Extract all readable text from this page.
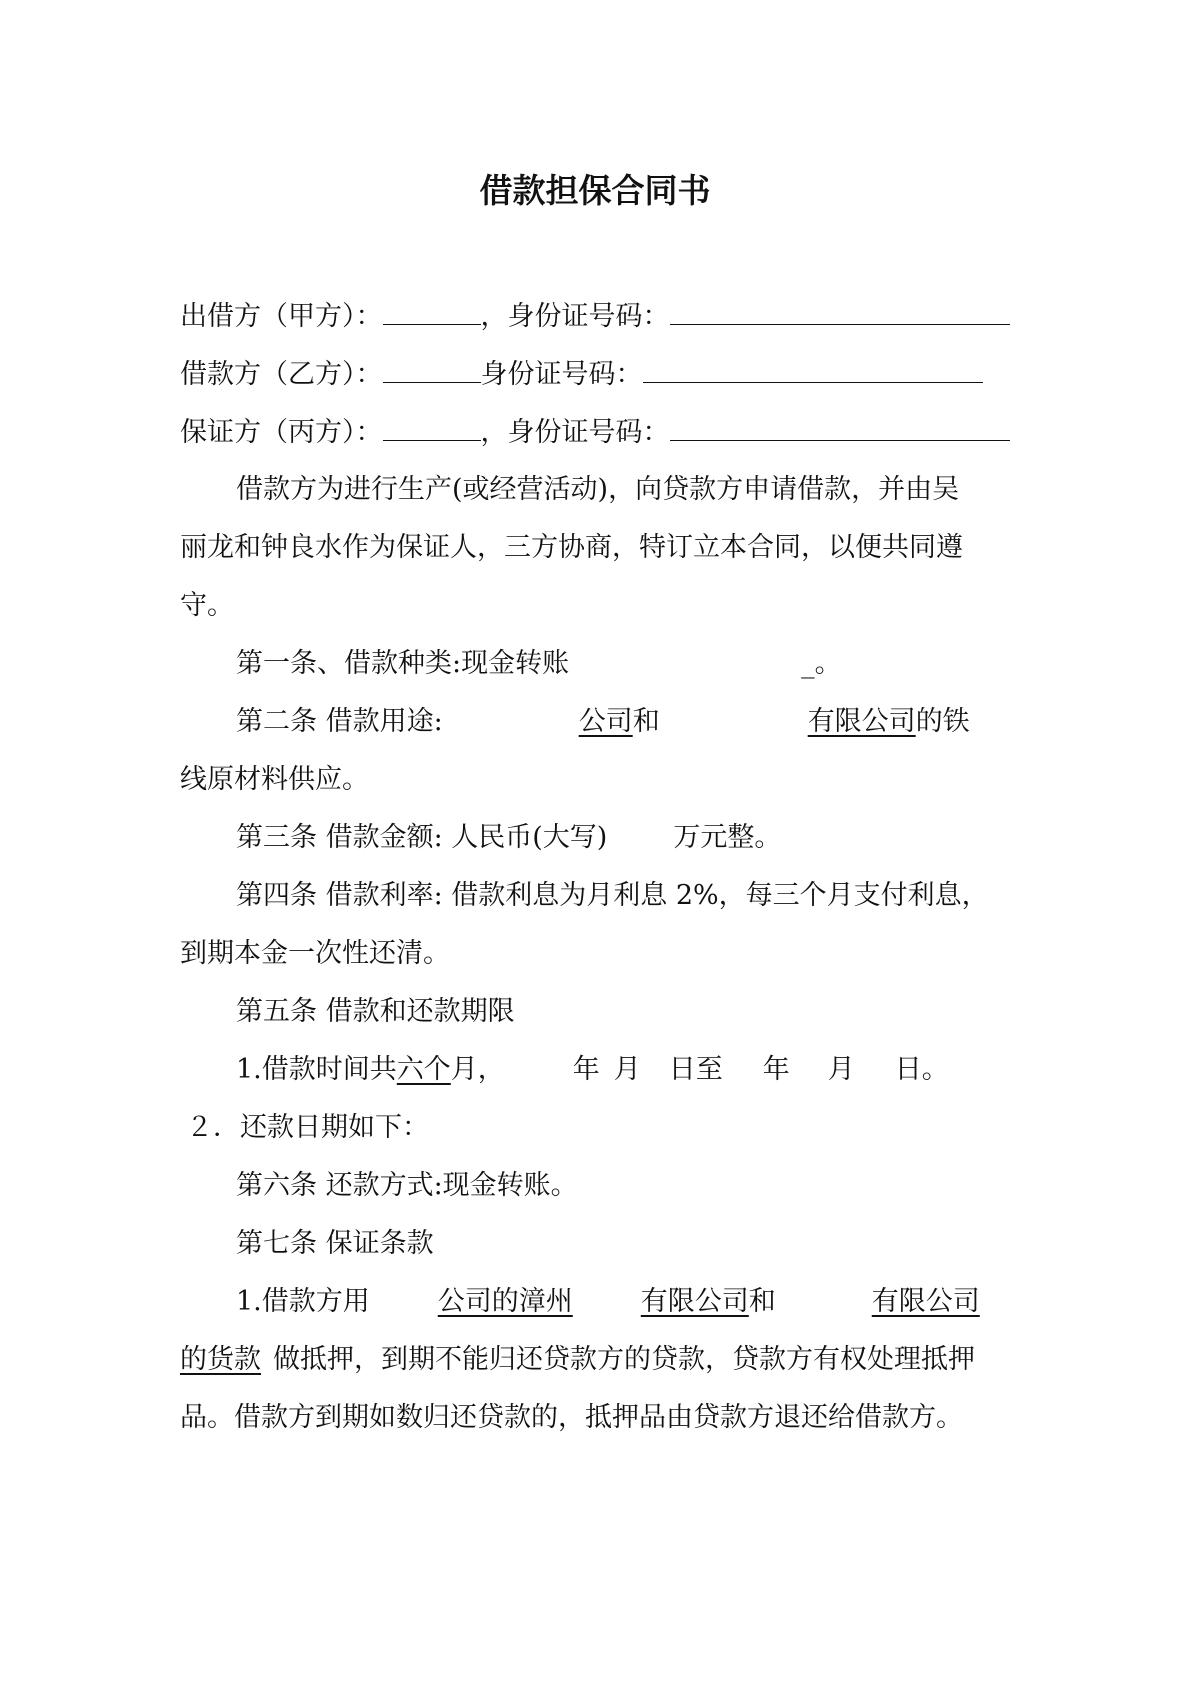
借款担保合同书
出借方（甲方）：	，身份证号码：
借款方（乙方）：	身份证号码：
保证方（丙方）：	，身份证号码：
借款方为进行生产(或经营活动)，向贷款方申请借款，并由吴
丽龙和钟良水作为保证人，三方协商，特订立本合同，以便共同遵
守。
第一条、借款种类:现金转账	_。
第二条 借款用途:	公司和	有限公司的铁
线原材料供应。
第三条 借款金额: 人民币(大写) 万元整。
第四条 借款利率: 借款利息为月利息 2%，每三个月支付利息，
到期本金一次性还清。
第五条 借款和还款期限
1.借款时间共六个月，	年 月 日至 年 月 日。
２．还款日期如下：
第六条 还款方式:现金转账。
第七条 保证条款
1.借款方用	公司的漳州	有限公司和	有限公司
的货款 做抵押，到期不能归还贷款方的贷款，贷款方有权处理抵押
品。借款方到期如数归还贷款的，抵押品由贷款方退还给借款方。
